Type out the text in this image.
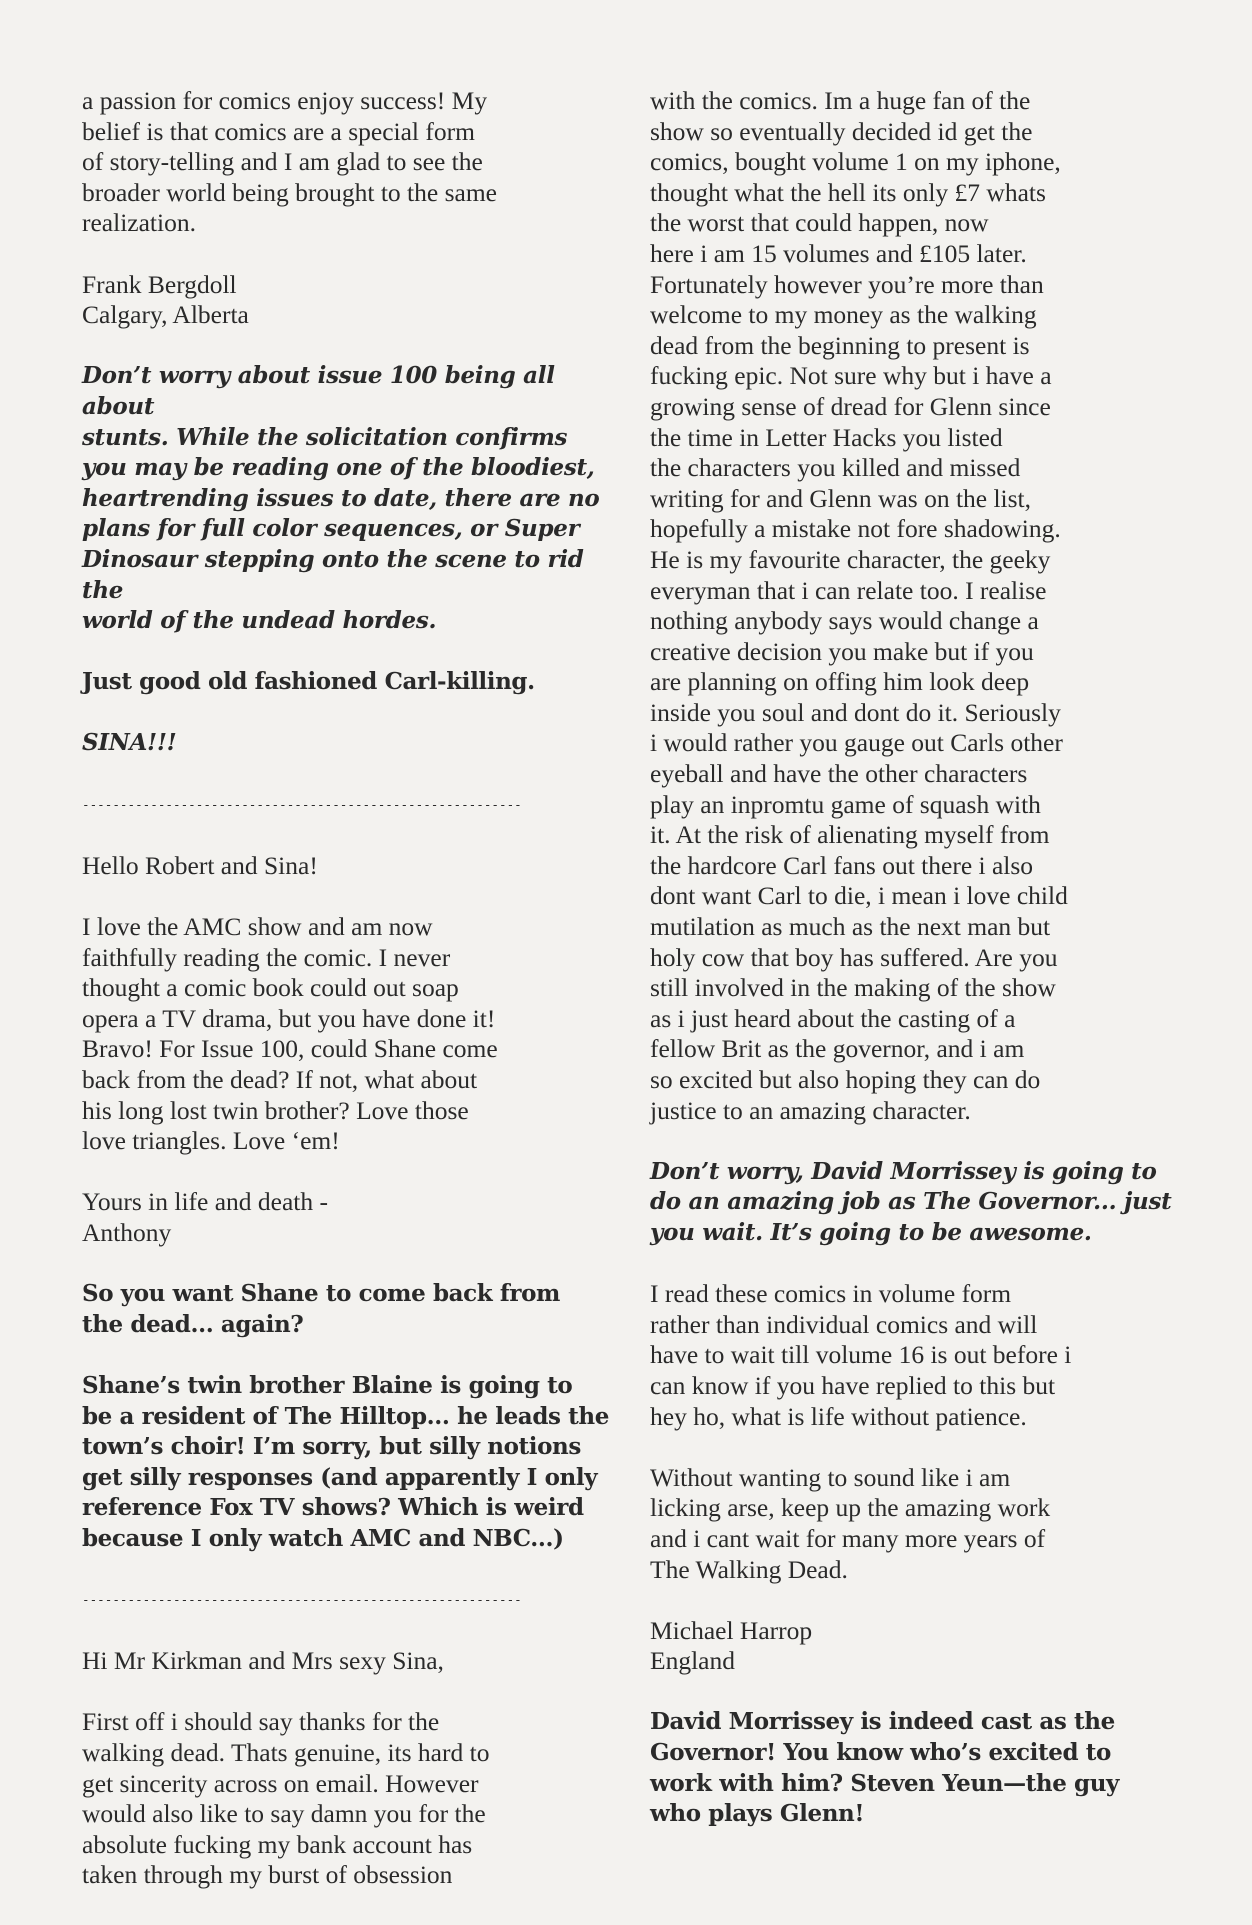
a passion for comics enjoy success! My
belief is that comics are a special form
of story-telling and I am glad to see the
broader world being brought to the same
realization.

Frank Bergdoll
Calgary, Alberta

Don’t worry about issue 100 being all about
stunts. While the solicitation confirms
you may be reading one of the bloodiest,
heartrending issues to date, there are no
plans for full color sequences, or Super
Dinosaur stepping onto the scene to rid the
world of the undead hordes.

Just good old fashioned Carl-killing.

SINA!!!

----------------------------------------------------------

Hello Robert and Sina!

I love the AMC show and am now
faithfully reading the comic. I never
thought a comic book could out soap
opera a TV drama, but you have done it!
Bravo! For Issue 100, could Shane come
back from the dead? If not, what about
his long lost twin brother? Love those
love triangles. Love ‘em!

Yours in life and death -
Anthony

So you want Shane to come back from
the dead... again?

Shane’s twin brother Blaine is going to
be a resident of The Hilltop... he leads the
town’s choir! I’m sorry, but silly notions
get silly responses (and apparently I only
reference Fox TV shows? Which is weird
because I only watch AMC and NBC...)

----------------------------------------------------------

Hi Mr Kirkman and Mrs sexy Sina,

First off i should say thanks for the
walking dead. Thats genuine, its hard to
get sincerity across on email. However
would also like to say damn you for the
absolute fucking my bank account has
taken through my burst of obsession

with the comics. Im a huge fan of the
show so eventually decided id get the
comics, bought volume 1 on my iphone,
thought what the hell its only £7 whats
the worst that could happen, now
here i am 15 volumes and £105 later.
Fortunately however you’re more than
welcome to my money as the walking
dead from the beginning to present is
fucking epic. Not sure why but i have a
growing sense of dread for Glenn since
the time in Letter Hacks you listed
the characters you killed and missed
writing for and Glenn was on the list,
hopefully a mistake not fore shadowing.
He is my favourite character, the geeky
everyman that i can relate too. I realise
nothing anybody says would change a
creative decision you make but if you
are planning on offing him look deep
inside you soul and dont do it. Seriously
i would rather you gauge out Carls other
eyeball and have the other characters
play an inpromtu game of squash with
it. At the risk of alienating myself from
the hardcore Carl fans out there i also
dont want Carl to die, i mean i love child
mutilation as much as the next man but
holy cow that boy has suffered. Are you
still involved in the making of the show
as i just heard about the casting of a
fellow Brit as the governor, and i am
so excited but also hoping they can do
justice to an amazing character.

Don’t worry, David Morrissey is going to
do an amazing job as The Governor... just
you wait. It’s going to be awesome.

I read these comics in volume form
rather than individual comics and will
have to wait till volume 16 is out before i
can know if you have replied to this but
hey ho, what is life without patience.

Without wanting to sound like i am
licking arse, keep up the amazing work
and i cant wait for many more years of
The Walking Dead.

Michael Harrop
England

David Morrissey is indeed cast as the
Governor! You know who’s excited to
work with him? Steven Yeun—the guy
who plays Glenn!
